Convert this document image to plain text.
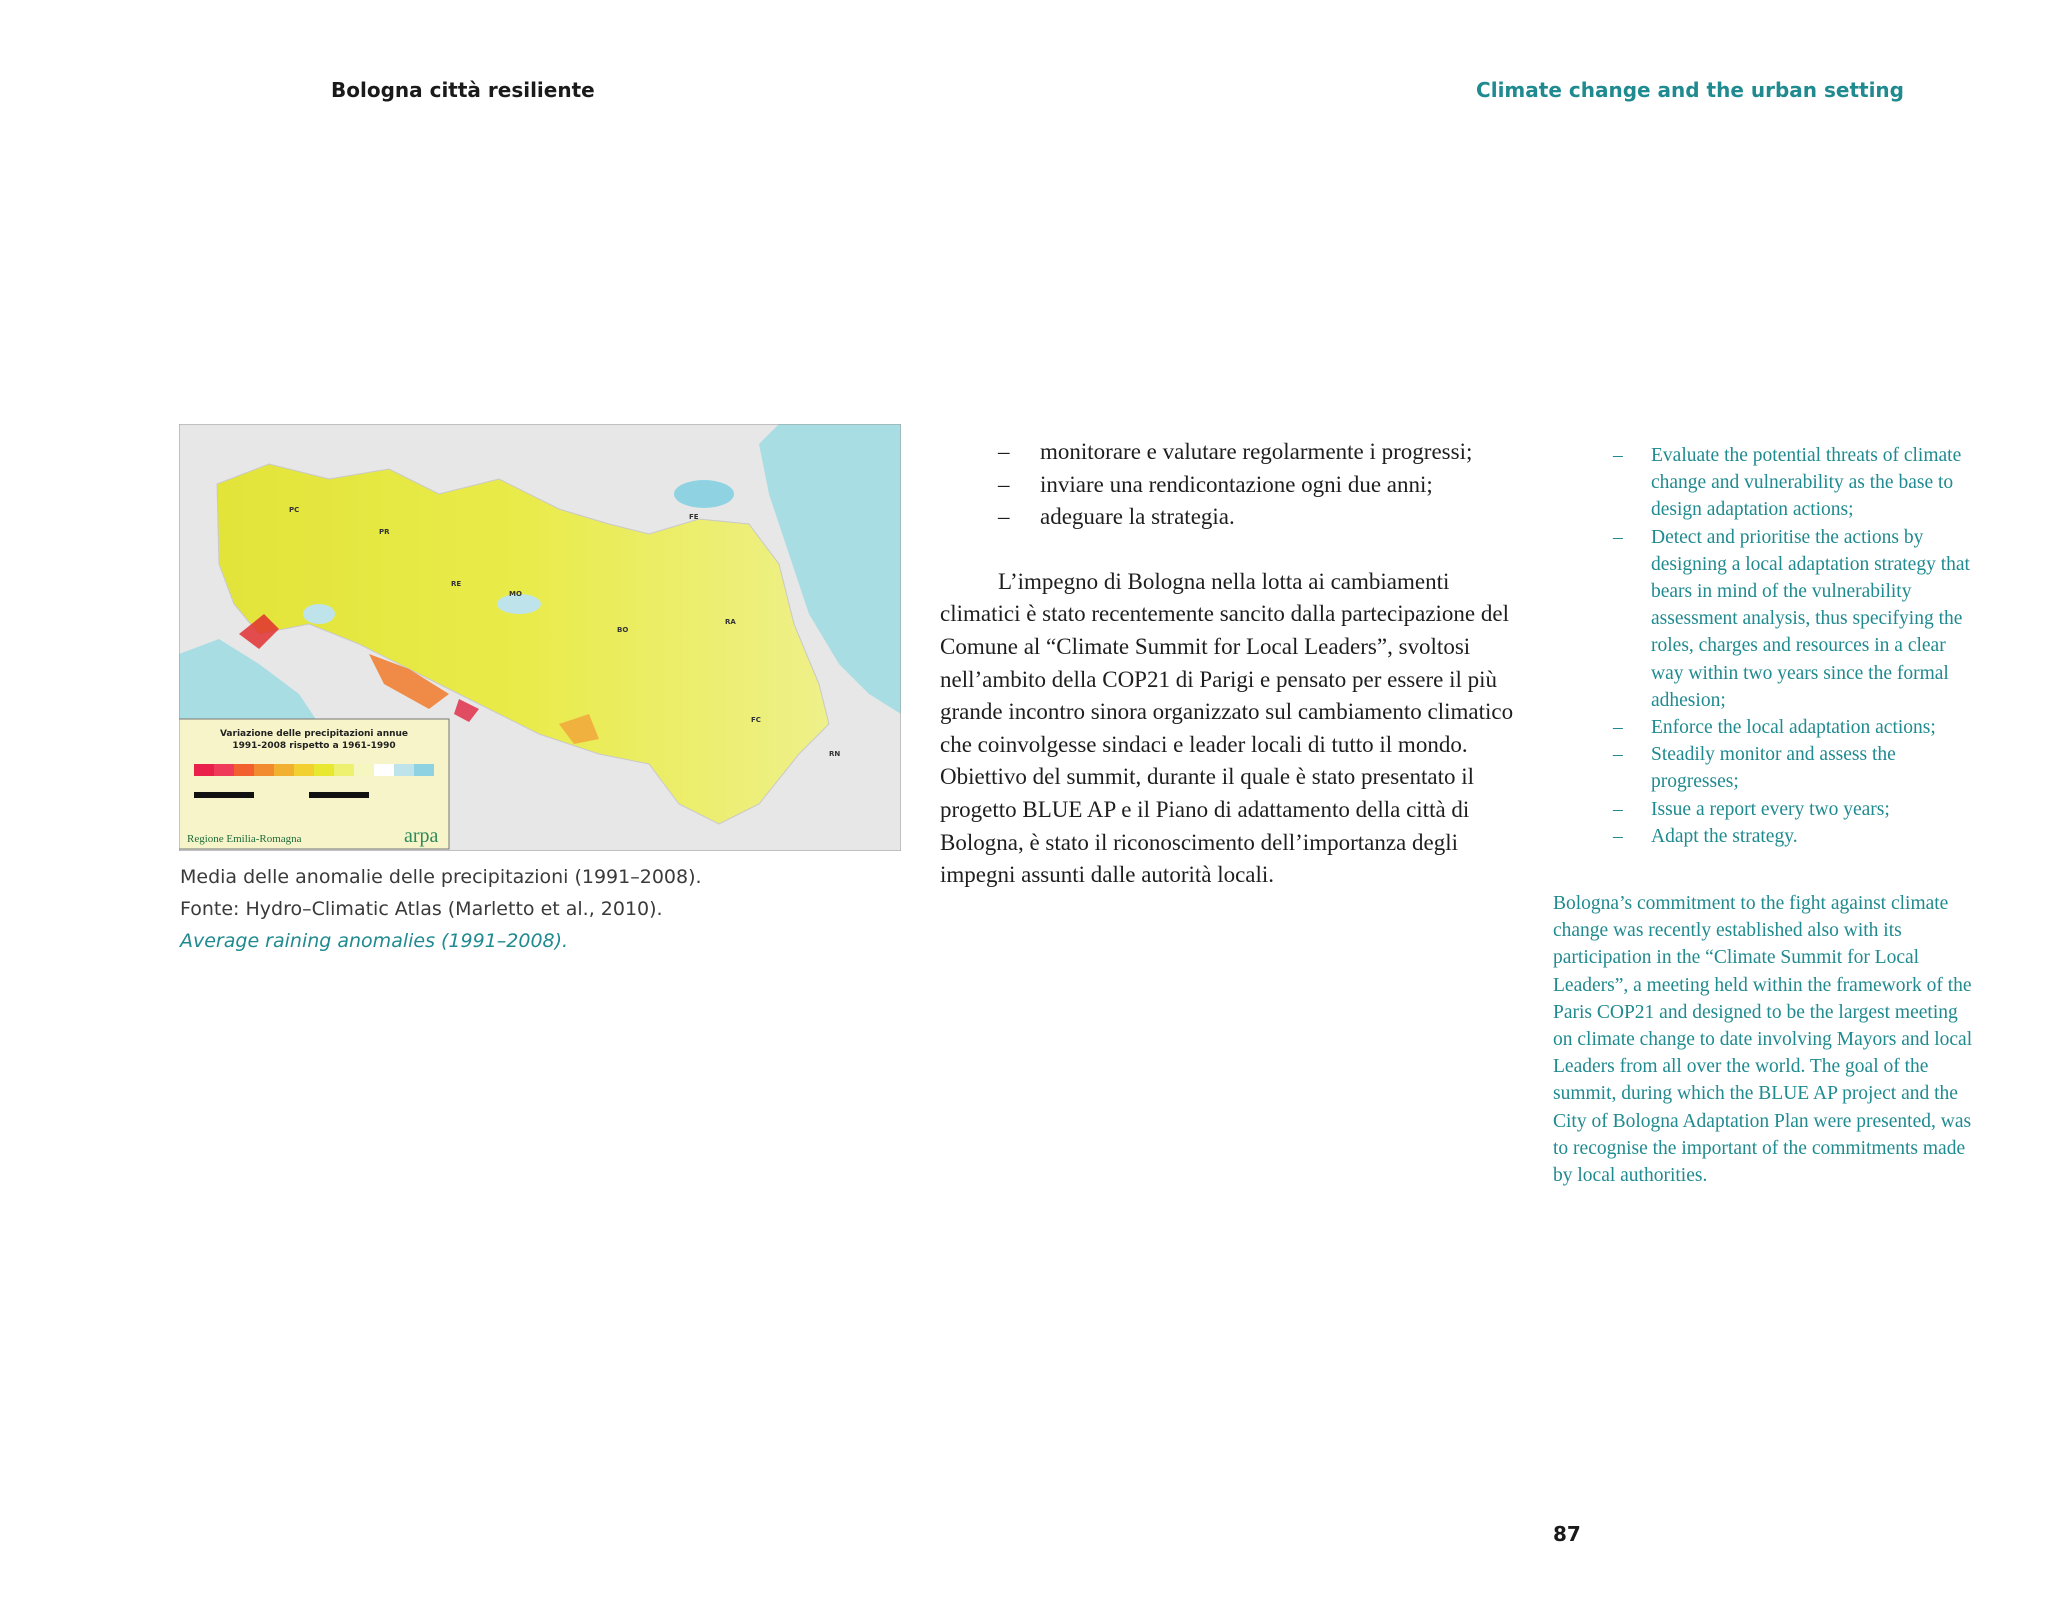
Bologna città resiliente	Climate change and the urban setting
Variazione delle precipitazioni annue
1991-2008 rispetto a 1961-1990
Regione Emilia-Romagna	arpa
PC
PR
RE
MO
BO
FE
RA
FC
RN
Media delle anomalie delle precipitazioni (1991–2008).
Fonte: Hydro–Climatic Atlas (Marletto et al., 2010).
Average raining anomalies (1991–2008).
– monitorare e valutare regolarmente i progressi;
– inviare una rendicontazione ogni due anni;
– adeguare la strategia.

L’impegno di Bologna nella lotta ai cambiamenti climatici è stato recentemente sancito dalla partecipazione del Comune al “Climate Summit for Local Leaders”, svoltosi nell’ambito della COP21 di Parigi e pensato per essere il più grande incontro sinora organizzato sul cambiamento climatico che coinvolgesse sindaci e leader locali di tutto il mondo. Obiettivo del summit, durante il quale è stato presentato il progetto BLUE AP e il Piano di adattamento della città di Bologna, è stato il riconoscimento dell’importanza degli impegni assunti dalle autorità locali.

– Evaluate the potential threats of climate change and vulnerability as the base to design adaptation actions;
– Detect and prioritise the actions by designing a local adaptation strategy that bears in mind of the vulnerability assessment analysis, thus specifying the roles, charges and resources in a clear way within two years since the formal adhesion;
– Enforce the local adaptation actions;
– Steadily monitor and assess the progresses;
– Issue a report every two years;
– Adapt the strategy.

Bologna’s commitment to the fight against climate change was recently established also with its participation in the “Climate Summit for Local Leaders”, a meeting held within the framework of the Paris COP21 and designed to be the largest meeting on climate change to date involving Mayors and local Leaders from all over the world. The goal of the summit, during which the BLUE AP project and the City of Bologna Adaptation Plan were presented, was to recognise the important of the commitments made by local authorities.

87
